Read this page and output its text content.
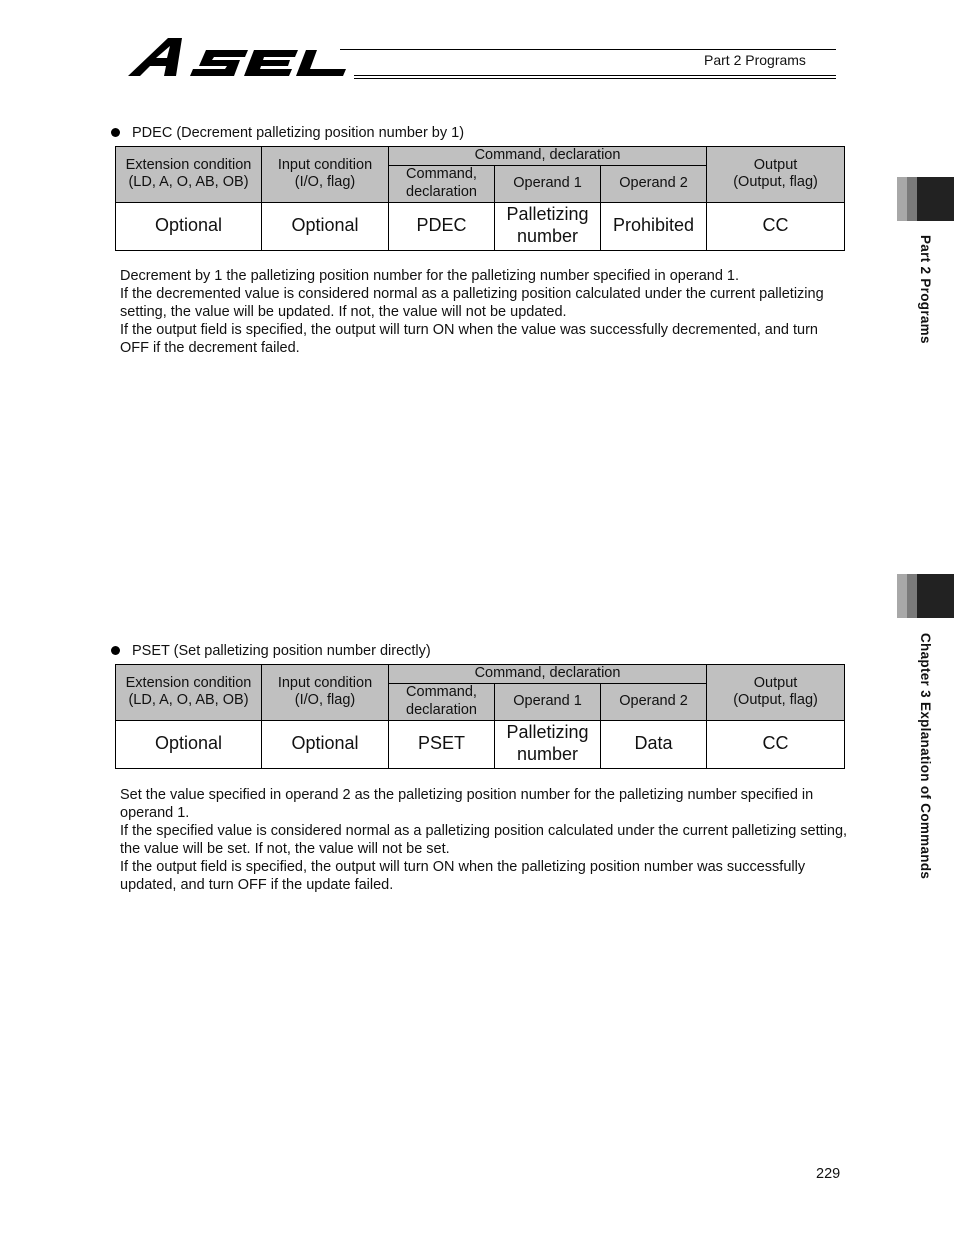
Part 2 Programs
Part 2 Programs
Chapter 3 Explanation of Commands
PDEC (Decrement palletizing position number by 1)
Extension condition
(LD, A, O, AB, OB)	Input condition
(I/O, flag)	Command, declaration			Output
(Output, flag)
		Command,
declaration	Operand 1	Operand 2	
Optional	Optional	PDEC	Palletizing
number	Prohibited	CC

Decrement by 1 the palletizing position number for the palletizing number specified in operand 1.

If the decremented value is considered normal as a palletizing position calculated under the current palletizing setting, the value will be updated. If not, the value will not be updated.

If the output field is specified, the output will turn ON when the value was successfully decremented, and turn OFF if the decrement failed.

PSET (Set palletizing position number directly)
Extension condition
(LD, A, O, AB, OB)	Input condition
(I/O, flag)	Command, declaration			Output
(Output, flag)
		Command,
declaration	Operand 1	Operand 2	
Optional	Optional	PSET	Palletizing
number	Data	CC

Set the value specified in operand 2 as the palletizing position number for the palletizing number specified in operand 1.

If the specified value is considered normal as a palletizing position calculated under the current palletizing setting, the value will be set. If not, the value will not be set.

If the output field is specified, the output will turn ON when the palletizing position number was successfully updated, and turn OFF if the update failed.

229
